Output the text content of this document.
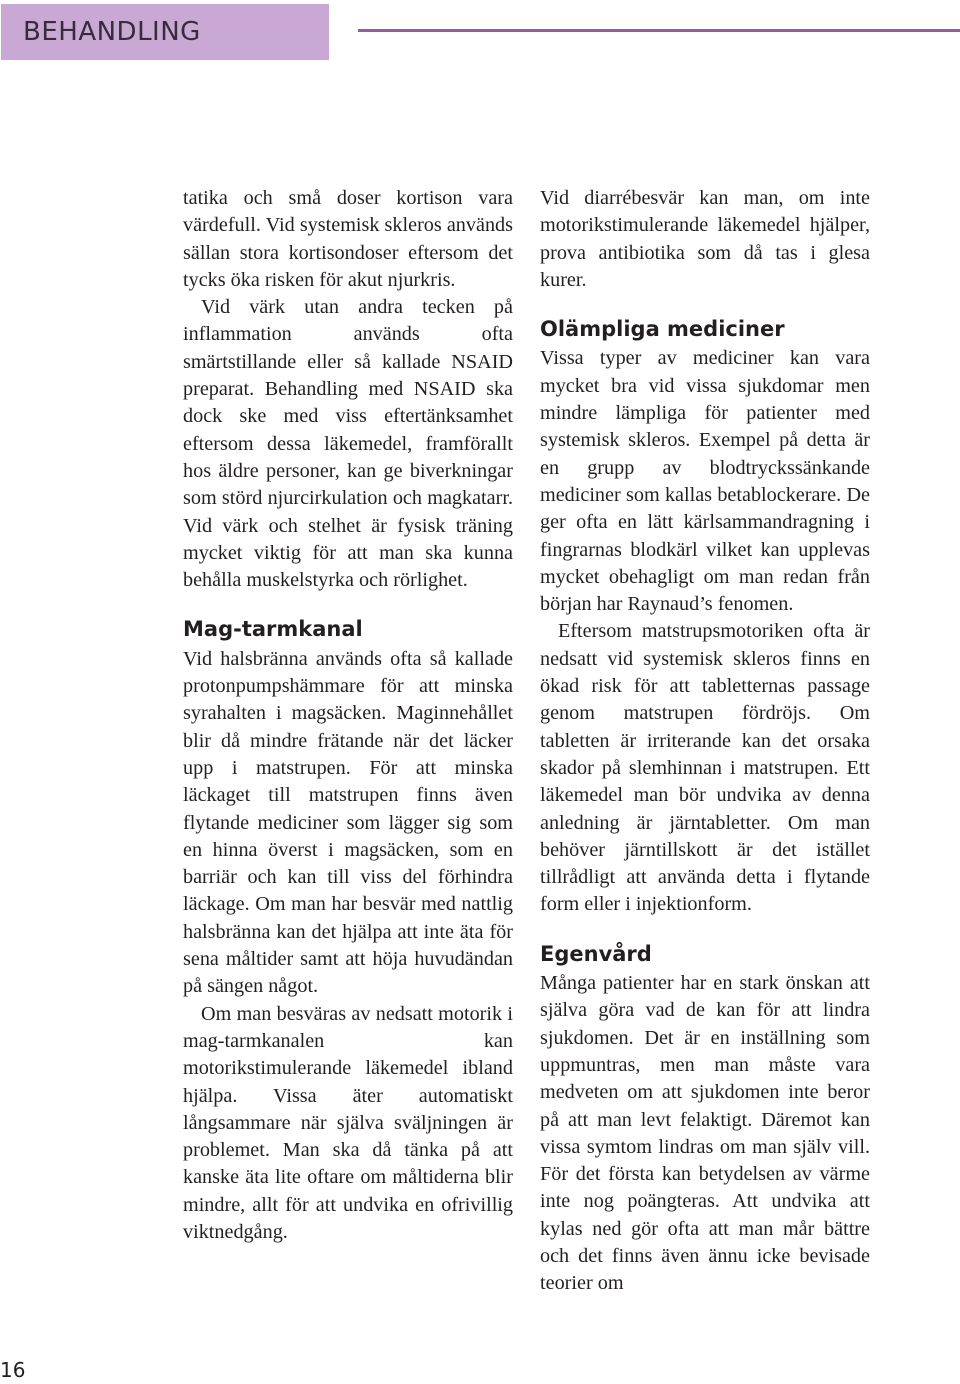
BEHANDLING

tatika och små doser kortison vara värdefull. Vid systemisk skleros används sällan stora kortisondoser eftersom det tycks öka risken för akut njurkris.

Vid värk utan andra tecken på inflammation används ofta smärtstillande eller så kallade NSAID preparat. Behandling med NSAID ska dock ske med viss eftertänksamhet eftersom dessa läkemedel, framförallt hos äldre personer, kan ge biverkningar som störd njurcirkulation och magkatarr. Vid värk och stelhet är fysisk träning mycket viktig för att man ska kunna behålla muskelstyrka och rörlighet.

Mag-tarmkanal

Vid halsbränna används ofta så kallade protonpumpshämmare för att minska syrahalten i magsäcken. Maginnehållet blir då mindre frätande när det läcker upp i matstrupen. För att minska läckaget till matstrupen finns även flytande mediciner som lägger sig som en hinna överst i magsäcken, som en barriär och kan till viss del förhindra läckage. Om man har besvär med nattlig halsbränna kan det hjälpa att inte äta för sena måltider samt att höja huvudändan på sängen något.

Om man besväras av nedsatt motorik i mag-tarmkanalen kan motorikstimulerande läkemedel ibland hjälpa. Vissa äter automatiskt långsammare när själva sväljningen är problemet. Man ska då tänka på att kanske äta lite oftare om måltiderna blir mindre, allt för att undvika en ofrivillig viktnedgång.

Vid diarrébesvär kan man, om inte motorikstimulerande läkemedel hjälper, prova antibiotika som då tas i glesa kurer.

Olämpliga mediciner

Vissa typer av mediciner kan vara mycket bra vid vissa sjukdomar men mindre lämpliga för patienter med systemisk skleros. Exempel på detta är en grupp av blodtryckssänkande mediciner som kallas betablockerare. De ger ofta en lätt kärlsammandragning i fingrarnas blodkärl vilket kan upplevas mycket obehagligt om man redan från början har Raynaud’s fenomen.

Eftersom matstrupsmotoriken ofta är nedsatt vid systemisk skleros finns en ökad risk för att tabletternas passage genom matstrupen fördröjs. Om tabletten är irriterande kan det orsaka skador på slemhinnan i matstrupen. Ett läkemedel man bör undvika av denna anledning är järntabletter. Om man behöver järntillskott är det istället tillrådligt att använda detta i flytande form eller i injektionform.

Egenvård

Många patienter har en stark önskan att själva göra vad de kan för att lindra sjukdomen. Det är en inställning som uppmuntras, men man måste vara medveten om att sjukdomen inte beror på att man levt felaktigt. Däremot kan vissa symtom lindras om man själv vill. För det första kan betydelsen av värme inte nog poängteras. Att undvika att kylas ned gör ofta att man mår bättre och det finns även ännu icke bevisade teorier om

16
